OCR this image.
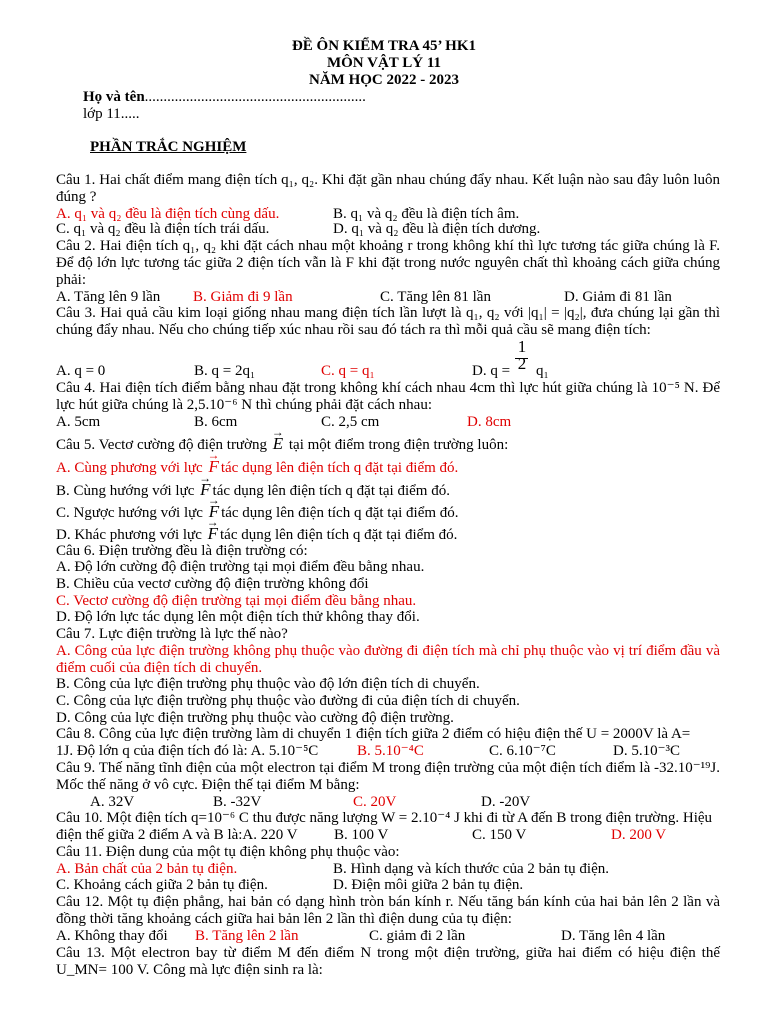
ĐỀ ÔN KIỂM TRA 45’ HK1
MÔN VẬT LÝ 11
NĂM HỌC 2022 - 2023
Họ và tên...........................................................
lớp 11.....
PHẦN TRẮC NGHIỆM
Câu 1. Hai chất điểm mang điện tích q₁, q₂. Khi đặt gần nhau chúng đẩy nhau. Kết luận nào sau đây luôn luôn đúng ?
A. q₁ và q₂ đều là điện tích cùng dấu.	B. q₁ và q₂ đều là điện tích âm.
C. q₁ và q₂ đều là điện tích trái dấu.	D. q₁ và q₂ đều là điện tích dương.
Câu 2. Hai điện tích q₁, q₂ khi đặt cách nhau một khoảng r trong không khí thì lực tương tác giữa chúng là F. Để độ lớn lực tương tác giữa 2 điện tích vẫn là F khi đặt trong nước nguyên chất thì khoảng cách giữa chúng phải:
A. Tăng lên 9 lần B. Giảm đi 9 lần	C. Tăng lên 81 lần	D. Giảm đi 81 lần
Câu 3. Hai quả cầu kim loại giống nhau mang điện tích lần lượt là q₁, q₂ với |q₁| = |q₂|, đưa chúng lại gần thì chúng đẩy nhau. Nếu cho chúng tiếp xúc nhau rồi sau đó tách ra thì mỗi quả cầu sẽ mang điện tích:
A. q = 0	B. q = 2q₁	C. q = q₁	D. q = q₁
1
2
Câu 4. Hai điện tích điểm bằng nhau đặt trong không khí cách nhau 4cm thì lực hút giữa chúng là 10⁻⁵ N. Để lực hút giữa chúng là 2,5.10⁻⁶ N thì chúng phải đặt cách nhau:
A. 5cm	B. 6cm	C. 2,5 cm	D. 8cm
Câu 5. Vectơ cường độ điện trường → E tại một điểm trong điện trường luôn:
A. Cùng phương với lực → F tác dụng lên điện tích q đặt tại điểm đó.
B. Cùng hướng với lực → F tác dụng lên điện tích q đặt tại điểm đó.
C. Ngược hướng với lực → F tác dụng lên điện tích q đặt tại điểm đó.
D. Khác phương với lực → F tác dụng lên điện tích q đặt tại điểm đó.
Câu 6. Điện trường đều là điện trường có:
A. Độ lớn cường độ điện trường tại mọi điểm đều bằng nhau.
B. Chiều của vectơ cường độ điện trường không đổi
C. Vectơ cường độ điện trường tại mọi điểm đều bằng nhau.
D. Độ lớn lực tác dụng lên một điện tích thử không thay đổi.
Câu 7. Lực điện trường là lực thế nào?
A. Công của lực điện trường không phụ thuộc vào đường đi điện tích mà chỉ phụ thuộc vào vị trí điểm đầu và điểm cuối của điện tích di chuyển.
B. Công của lực điện trường phụ thuộc vào độ lớn điện tích di chuyển.
C. Công của lực điện trường phụ thuộc vào đường đi của điện tích di chuyển.
D. Công của lực điện trường phụ thuộc vào cường độ điện trường.
Câu 8. Công của lực điện trường làm di chuyển 1 điện tích giữa 2 điểm có hiệu điện thế U = 2000V là A=
1J. Độ lớn q của điện tích đó là: A. 5.10⁻⁵C	B. 5.10⁻⁴C	C. 6.10⁻⁷C	D. 5.10⁻³C
Câu 9. Thế năng tĩnh điện của một electron tại điểm M trong điện trường của một điện tích điểm là -32.10⁻¹⁹J. Mốc thế năng ở vô cực. Điện thế tại điểm M bằng:
A. 32V	B. -32V	C. 20V	D. -20V
Câu 10. Một điện tích q=10⁻⁶ C thu được năng lượng W = 2.10⁻⁴ J khi đi từ A đến B trong điện trường. Hiệu
điện thế giữa 2 điểm A và B là:A. 220 V B. 100 V	C. 150 V	D. 200 V
Câu 11. Điện dung của một tụ điện không phụ thuộc vào:
A. Bản chất của 2 bản tụ điện.	B. Hình dạng và kích thước của 2 bản tụ điện.
C. Khoảng cách giữa 2 bản tụ điện.	D. Điện môi giữa 2 bản tụ điện.
Câu 12. Một tụ điện phẳng, hai bản có dạng hình tròn bán kính r. Nếu tăng bán kính của hai bản lên 2 lần và đồng thời tăng khoảng cách giữa hai bản lên 2 lần thì điện dung của tụ điện:
A. Không thay đổi B. Tăng lên 2 lần	C. giảm đi 2 lần	D. Tăng lên 4 lần
Câu 13. Một electron bay từ điểm M đến điểm N trong một điện trường, giữa hai điểm có hiệu điện thế U_MN= 100 V. Công mà lực điện sinh ra là:
